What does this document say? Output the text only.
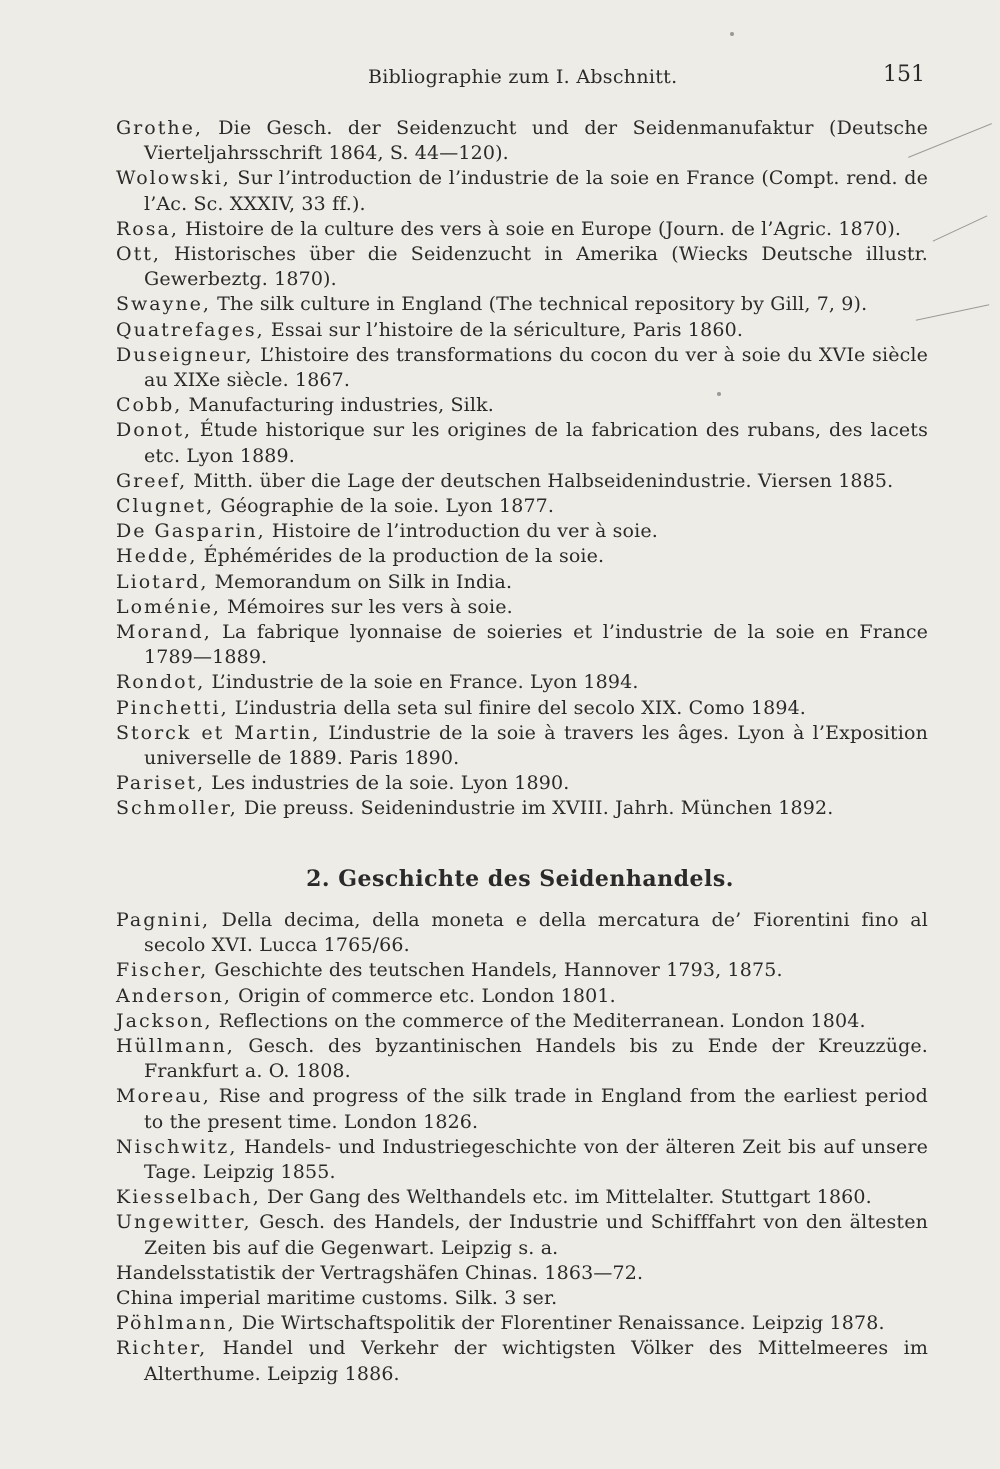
Bibliographie zum I. Abschnitt.	151

Grothe, Die Gesch. der Seidenzucht und der Seidenmanufaktur (Deutsche Vierteljahrsschrift 1864, S. 44—120).

Wolowski, Sur l’introduction de l’industrie de la soie en France (Compt. rend. de l’Ac. Sc. XXXIV, 33 ff.).

Rosa, Histoire de la culture des vers à soie en Europe (Journ. de l’Agric. 1870).

Ott, Historisches über die Seidenzucht in Amerika (Wiecks Deutsche illustr. Gewerbeztg. 1870).

Swayne, The silk culture in England (The technical repository by Gill, 7, 9).

Quatrefages, Essai sur l’histoire de la sériculture, Paris 1860.

Duseigneur, L’histoire des transformations du cocon du ver à soie du XVIe siècle au XIXe siècle. 1867.

Cobb, Manufacturing industries, Silk.

Donot, Étude historique sur les origines de la fabrication des rubans, des lacets etc. Lyon 1889.

Greef, Mitth. über die Lage der deutschen Halbseidenindustrie. Viersen 1885.

Clugnet, Géographie de la soie. Lyon 1877.

De Gasparin, Histoire de l’introduction du ver à soie.

Hedde, Éphémérides de la production de la soie.

Liotard, Memorandum on Silk in India.

Loménie, Mémoires sur les vers à soie.

Morand, La fabrique lyonnaise de soieries et l’industrie de la soie en France 1789—1889.

Rondot, L’industrie de la soie en France. Lyon 1894.

Pinchetti, L’industria della seta sul finire del secolo XIX. Como 1894.

Storck et Martin, L’industrie de la soie à travers les âges. Lyon à l’Exposition universelle de 1889. Paris 1890.

Pariset, Les industries de la soie. Lyon 1890.

Schmoller, Die preuss. Seidenindustrie im XVIII. Jahrh. München 1892.

2. Geschichte des Seidenhandels.

Pagnini, Della decima, della moneta e della mercatura de’ Fiorentini fino al secolo XVI. Lucca 1765/66.

Fischer, Geschichte des teutschen Handels, Hannover 1793, 1875.

Anderson, Origin of commerce etc. London 1801.

Jackson, Reflections on the commerce of the Mediterranean. London 1804.

Hüllmann, Gesch. des byzantinischen Handels bis zu Ende der Kreuzzüge. Frankfurt a. O. 1808.

Moreau, Rise and progress of the silk trade in England from the earliest period to the present time. London 1826.

Nischwitz, Handels- und Industriegeschichte von der älteren Zeit bis auf unsere Tage. Leipzig 1855.

Kiesselbach, Der Gang des Welthandels etc. im Mittelalter. Stuttgart 1860.

Ungewitter, Gesch. des Handels, der Industrie und Schifffahrt von den ältesten Zeiten bis auf die Gegenwart. Leipzig s. a.

Handelsstatistik der Vertragshäfen Chinas. 1863—72.

China imperial maritime customs. Silk. 3 ser.

Pöhlmann, Die Wirtschaftspolitik der Florentiner Renaissance. Leipzig 1878.

Richter, Handel und Verkehr der wichtigsten Völker des Mittelmeeres im Alterthume. Leipzig 1886.
